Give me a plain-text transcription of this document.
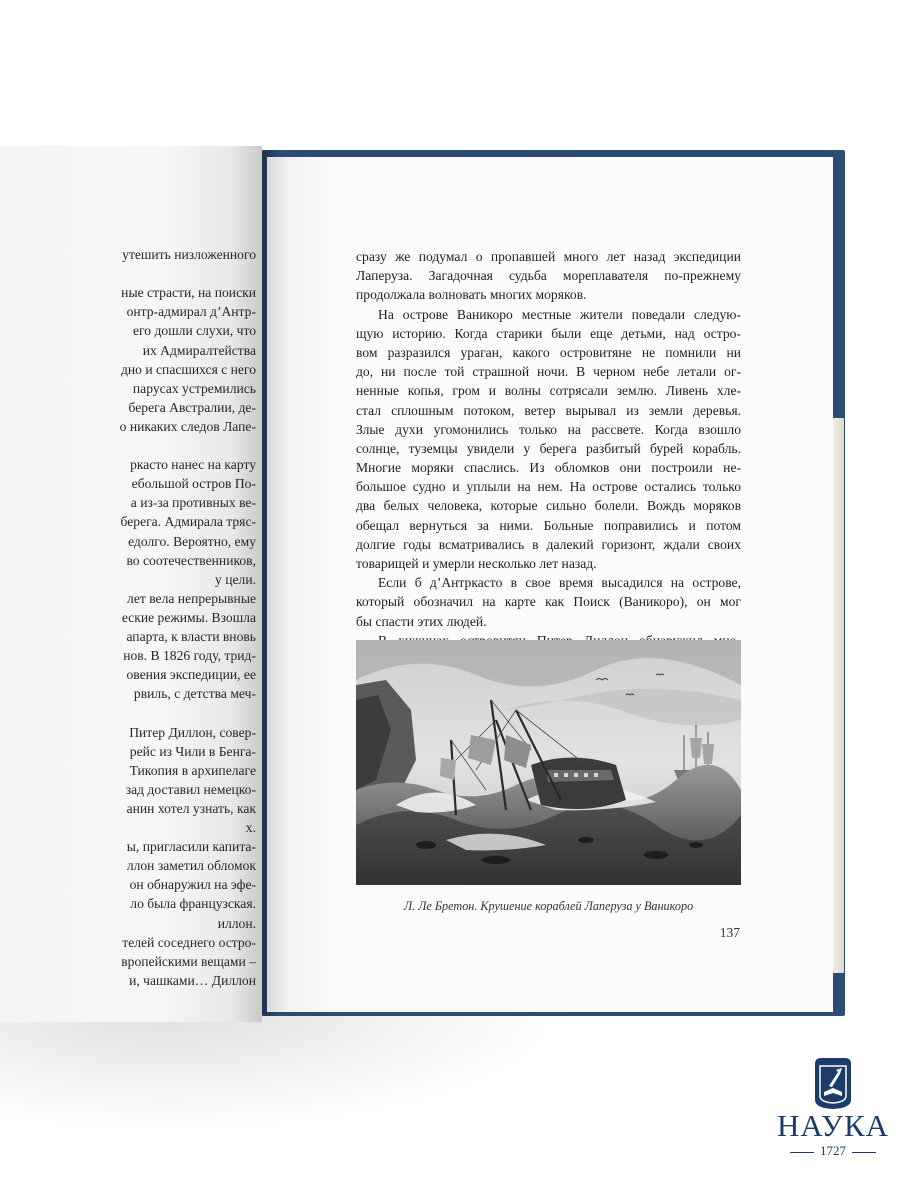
утешить низложенного
ные страсти, на поиски
онтр-адмирал д’Антр-
его дошли слухи, что
их Адмиралтейства
дно и спасшихся с него
парусах устремились
берега Австралии, де-
о никаких следов Лапе-
ркасто нанес на карту
ебольшой остров По-
а из-за противных ве-
берега. Адмирала тряс-
едолго. Вероятно, ему
во соотечественников,
у цели.
лет вела непрерывные
еские режимы. Взошла
апарта, к власти вновь
нов. В 1826 году, трид-
овения экспедиции, ее
рвиль, с детства меч-
Питер Диллон, совер-
рейс из Чили в Бенга-
Тикопия в архипелаге
зад доставил немецко-
анин хотел узнать, как
х.
ы, пригласили капита-
ллон заметил обломок
он обнаружил на эфе-
ло была французская.
иллон.
телей соседнего остро-
вропейскими вещами –
и, чашками… Диллон
сразу же подумал о пропавшей много лет назад экспедиции
Лаперуза. Загадочная судьба мореплавателя по-прежнему
продолжала волновать многих моряков.
На острове Ваникоро местные жители поведали следую-
щую историю. Когда старики были еще детьми, над остро-
вом разразился ураган, какого островитяне не помнили ни
до, ни после той страшной ночи. В черном небе летали ог-
ненные копья, гром и волны сотрясали землю. Ливень хле-
стал сплошным потоком, ветер вырывал из земли деревья.
Злые духи угомонились только на рассвете. Когда взошло
солнце, туземцы увидели у берега разбитый бурей корабль.
Многие моряки спаслись. Из обломков они построили не-
большое судно и уплыли на нем. На острове остались только
два белых человека, которые сильно болели. Вождь моряков
обещал вернуться за ними. Больные поправились и потом
долгие годы всматривались в далекий горизонт, ждали своих
товарищей и умерли несколько лет назад.
Если б д’Антркасто в свое время высадился на острове,
который обозначил на карте как Поиск (Ваникоро), он мог
бы спасти этих людей.
Л. Ле Бретон. Крушение кораблей Лаперуза у Ваникоро
137
НАУКА
1727
